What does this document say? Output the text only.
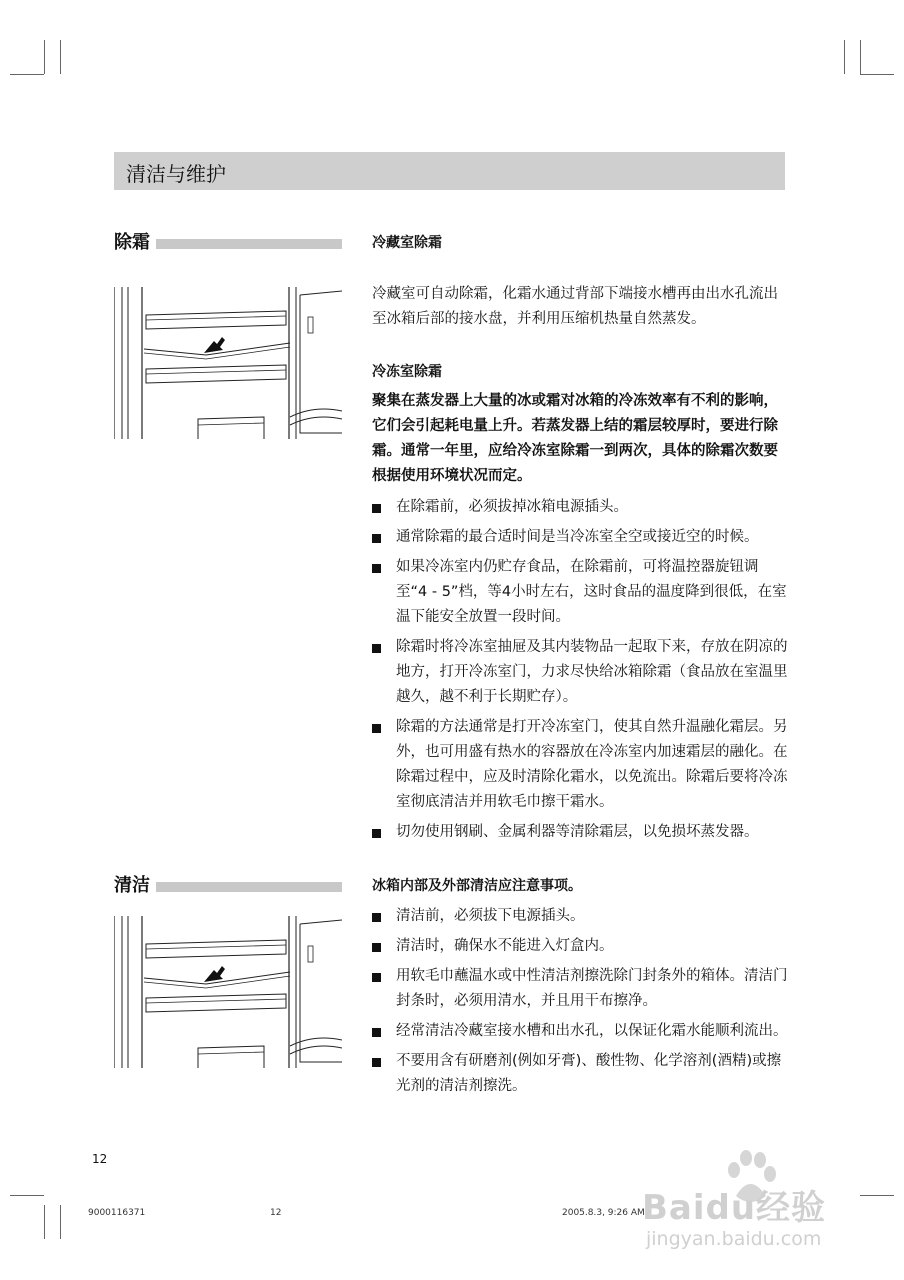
清洁与维护
除霜	冷藏室除霜

冷藏室可自动除霜，化霜水通过背部下端接水槽再由出水孔流出至冰箱后部的接水盘，并利用压缩机热量自然蒸发。

冷冻室除霜

聚集在蒸发器上大量的冰或霜对冰箱的冷冻效率有不利的影响，它们会引起耗电量上升。若蒸发器上结的霜层较厚时，要进行除霜。通常一年里，应给冷冻室除霜一到两次，具体的除霜次数要根据使用环境状况而定。

在除霜前，必须拔掉冰箱电源插头。
通常除霜的最合适时间是当冷冻室全空或接近空的时候。
如果冷冻室内仍贮存食品，在除霜前，可将温控器旋钮调至“4 - 5”档，等4小时左右，这时食品的温度降到很低，在室温下能安全放置一段时间。
除霜时将冷冻室抽屉及其内装物品一起取下来，存放在阴凉的地方，打开冷冻室门，力求尽快给冰箱除霜（食品放在室温里越久，越不利于长期贮存）。
除霜的方法通常是打开冷冻室门，使其自然升温融化霜层。另外，也可用盛有热水的容器放在冷冻室内加速霜层的融化。在除霜过程中，应及时清除化霜水，以免流出。除霜后要将冷冻室彻底清洁并用软毛巾擦干霜水。
切勿使用钢刷、金属利器等清除霜层，以免损坏蒸发器。
清洁	冰箱内部及外部清洁应注意事项。

清洁前，必须拔下电源插头。
清洁时，确保水不能进入灯盒内。
用软毛巾蘸温水或中性清洁剂擦洗除门封条外的箱体。清洁门封条时，必须用清水，并且用干布擦净。
经常清洁冷藏室接水槽和出水孔，以保证化霜水能顺利流出。
不要用含有研磨剂(例如牙膏)、酸性物、化学溶剂(酒精)或擦光剂的清洁剂擦洗。
12
9000116371	12	2005.8.3, 9:26 AM
Baidu经验
jingyan.baidu.com
